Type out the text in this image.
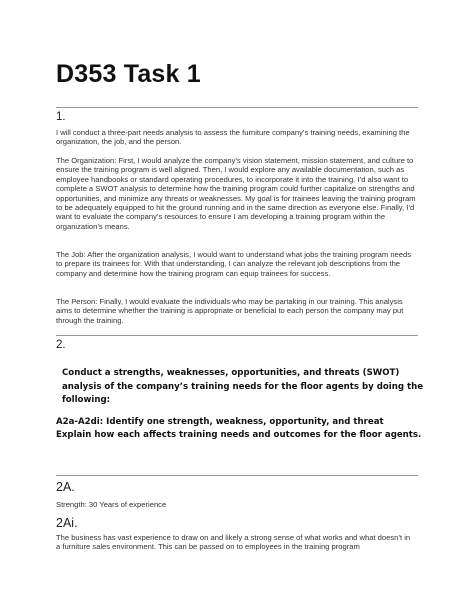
D353 Task 1
1.
I will conduct a three-part needs analysis to assess the furniture company’s training needs, examining the organization, the job, and the person.
The Organization: First, I would analyze the company’s vision statement, mission statement, and culture to ensure the training program is well aligned. Then, I would explore any available documentation, such as employee handbooks or standard operating procedures, to incorporate it into the training. I’d also want to complete a SWOT analysis to determine how the training program could further capitalize on strengths and opportunities, and minimize any threats or weaknesses. My goal is for trainees leaving the training program to be adequately equipped to hit the ground running and in the same direction as everyone else. Finally, I’d want to evaluate the company’s resources to ensure I am developing a training program within the organization’s means.
The Job: After the organization analysis, I would want to understand what jobs the training program needs to prepare its trainees for. With that understanding, I can analyze the relevant job descriptions from the company and determine how the training program can equip trainees for success.
The Person: Finally, I would evaluate the individuals who may be partaking in our training. This analysis aims to determine whether the training is appropriate or beneficial to each person the company may put through the training.
2.
Conduct a strengths, weaknesses, opportunities, and threats (SWOT) analysis of the company’s training needs for the floor agents by doing the following:
A2a-A2di: Identify one strength, weakness, opportunity, and threat
Explain how each affects training needs and outcomes for the floor agents.
2A.
Strength: 30 Years of experience
2Ai.
The business has vast experience to draw on and likely a strong sense of what works and what doesn’t in a furniture sales environment. This can be passed on to employees in the training program
